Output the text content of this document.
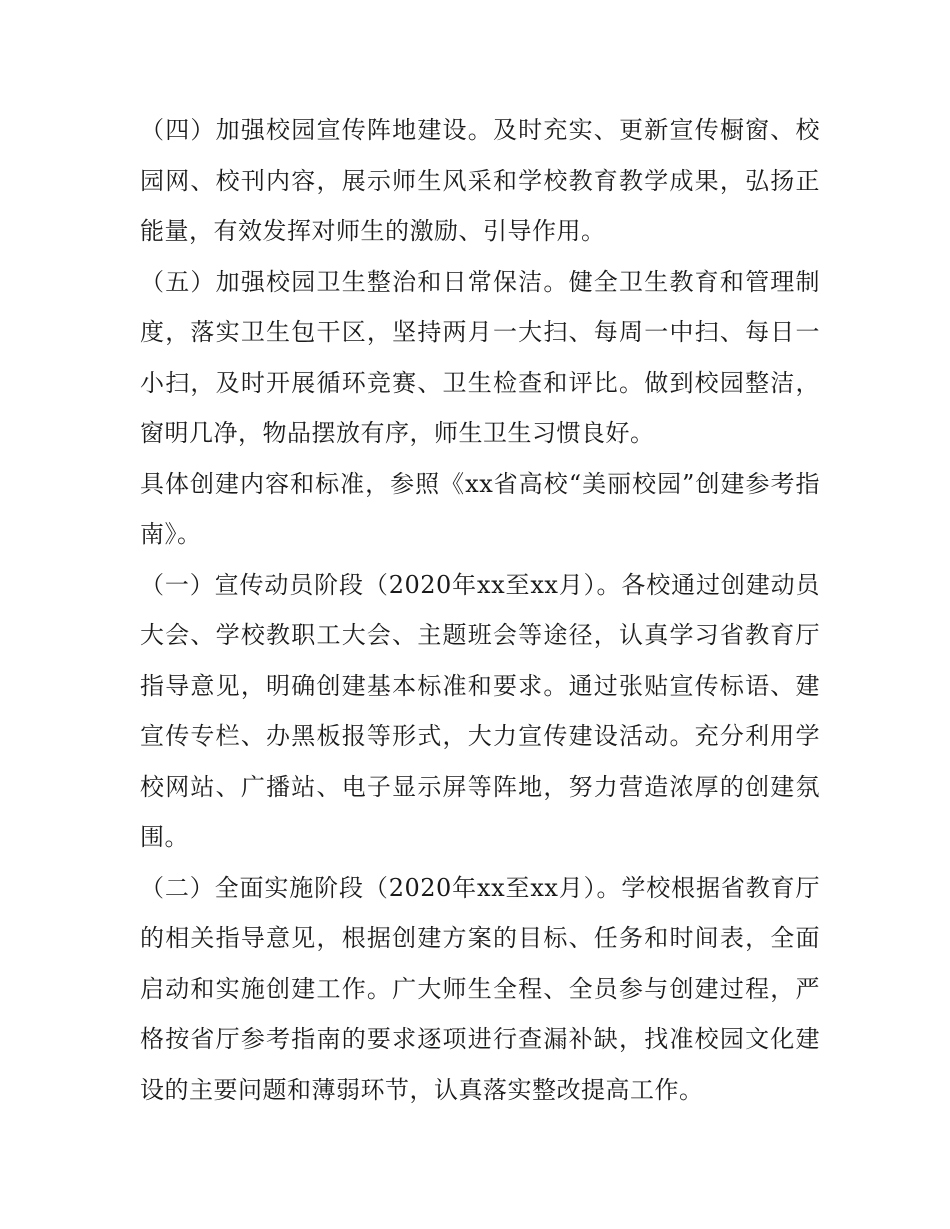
（四）加强校园宣传阵地建设。及时充实、更新宣传橱窗、校园网、校刊内容，展示师生风采和学校教育教学成果，弘扬正能量，有效发挥对师生的激励、引导作用。

（五）加强校园卫生整治和日常保洁。健全卫生教育和管理制度，落实卫生包干区，坚持两月一大扫、每周一中扫、每日一小扫，及时开展循环竞赛、卫生检查和评比。做到校园整洁，窗明几净，物品摆放有序，师生卫生习惯良好。

具体创建内容和标准，参照《xx省高校“美丽校园”创建参考指南》。

（一）宣传动员阶段（2020年xx至xx月）。各校通过创建动员大会、学校教职工大会、主题班会等途径，认真学习省教育厅指导意见，明确创建基本标准和要求。通过张贴宣传标语、建宣传专栏、办黑板报等形式，大力宣传建设活动。充分利用学校网站、广播站、电子显示屏等阵地，努力营造浓厚的创建氛围。

（二）全面实施阶段（2020年xx至xx月）。学校根据省教育厅的相关指导意见，根据创建方案的目标、任务和时间表，全面启动和实施创建工作。广大师生全程、全员参与创建过程，严格按省厅参考指南的要求逐项进行查漏补缺，找准校园文化建设的主要问题和薄弱环节，认真落实整改提高工作。
